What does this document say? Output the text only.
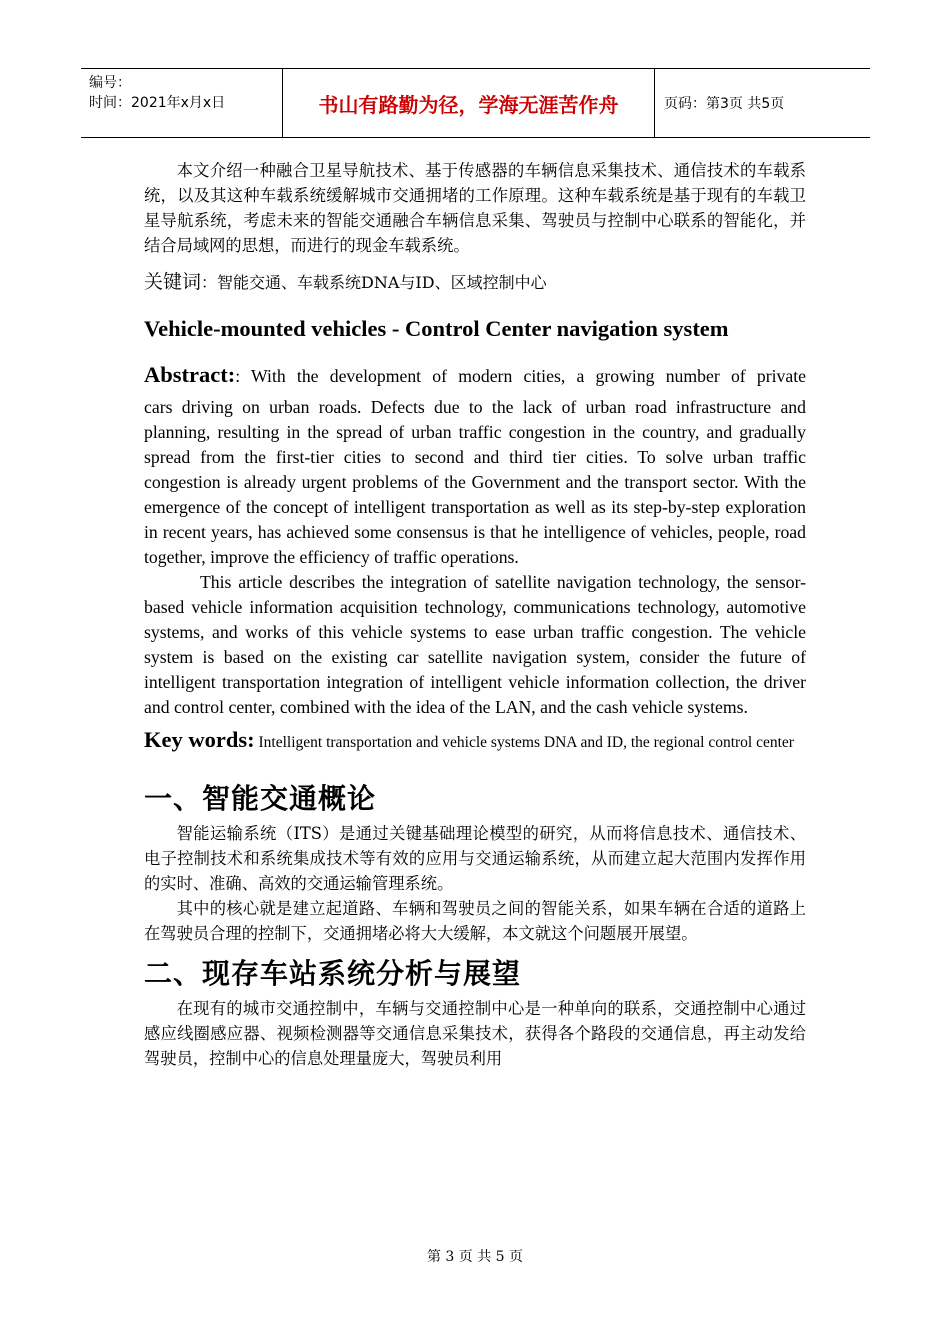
编号：
时间：2021年x月x日	书山有路勤为径，学海无涯苦作舟	页码：第3页 共5页

本文介绍一种融合卫星导航技术、基于传感器的车辆信息采集技术、通信技术的车载系统，以及其这种车载系统缓解城市交通拥堵的工作原理。这种车载系统是基于现有的车载卫星导航系统，考虑未来的智能交通融合车辆信息采集、驾驶员与控制中心联系的智能化，并结合局域网的思想，而进行的现金车载系统。

关键词：智能交通、车载系统DNA与ID、区域控制中心

Vehicle-mounted vehicles - Control Center navigation system

Abstract:: With the development of modern cities, a growing number of private

cars driving on urban roads. Defects due to the lack of urban road infrastructure and planning, resulting in the spread of urban traffic congestion in the country, and gradually spread from the first-tier cities to second and third tier cities. To solve urban traffic congestion is already urgent problems of the Government and the transport sector. With the emergence of the concept of intelligent transportation as well as its step-by-step exploration in recent years, has achieved some consensus is that he intelligence of vehicles, people, road together, improve the efficiency of traffic operations.

This article describes the integration of satellite navigation technology, the sensor-based vehicle information acquisition technology, communications technology, automotive systems, and works of this vehicle systems to ease urban traffic congestion. The vehicle system is based on the existing car satellite navigation system, consider the future of intelligent transportation integration of intelligent vehicle information collection, the driver and control center, combined with the idea of the LAN, and the cash vehicle systems.

Key words: Intelligent transportation and vehicle systems DNA and ID, the regional control center

一、智能交通概论

智能运输系统（ITS）是通过关键基础理论模型的研究，从而将信息技术、通信技术、电子控制技术和系统集成技术等有效的应用与交通运输系统，从而建立起大范围内发挥作用的实时、准确、高效的交通运输管理系统。

其中的核心就是建立起道路、车辆和驾驶员之间的智能关系，如果车辆在合适的道路上在驾驶员合理的控制下，交通拥堵必将大大缓解，本文就这个问题展开展望。

二、现存车站系统分析与展望

在现有的城市交通控制中，车辆与交通控制中心是一种单向的联系，交通控制中心通过感应线圈感应器、视频检测器等交通信息采集技术，获得各个路段的交通信息，再主动发给驾驶员，控制中心的信息处理量庞大，驾驶员利用

第 3 页 共 5 页
